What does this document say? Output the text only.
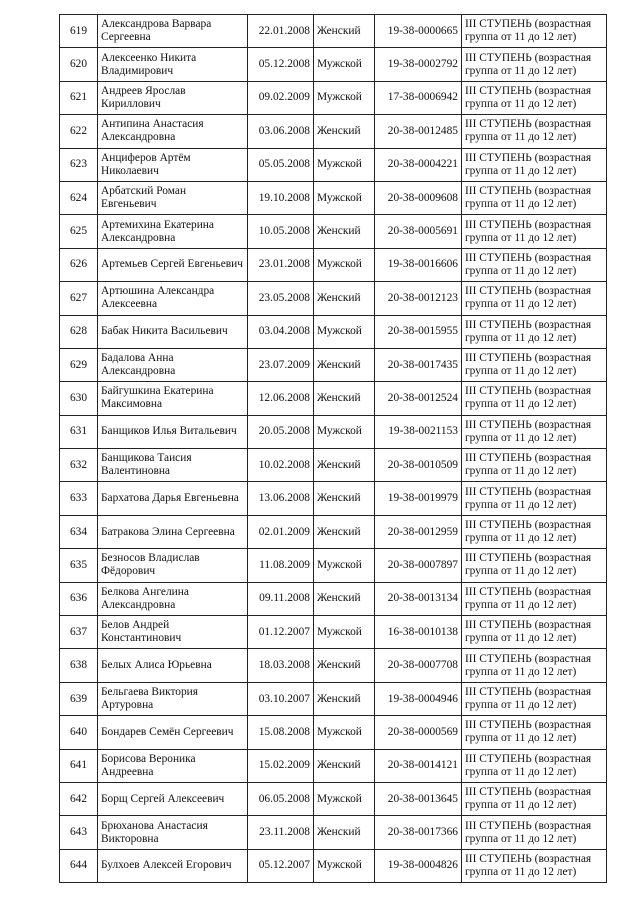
619	Александрова Варвара Сергеевна	22.01.2008	Женский	19-38-0000665	III СТУПЕНЬ (возрастная группа от 11 до 12 лет)
620	Алексеенко Никита Владимирович	05.12.2008	Мужской	19-38-0002792	III СТУПЕНЬ (возрастная группа от 11 до 12 лет)
621	Андреев Ярослав Кириллович	09.02.2009	Мужской	17-38-0006942	III СТУПЕНЬ (возрастная группа от 11 до 12 лет)
622	Антипина Анастасия Александровна	03.06.2008	Женский	20-38-0012485	III СТУПЕНЬ (возрастная группа от 11 до 12 лет)
623	Анциферов Артём Николаевич	05.05.2008	Мужской	20-38-0004221	III СТУПЕНЬ (возрастная группа от 11 до 12 лет)
624	Арбатский Роман Евгеньевич	19.10.2008	Мужской	20-38-0009608	III СТУПЕНЬ (возрастная группа от 11 до 12 лет)
625	Артемихина Екатерина Александровна	10.05.2008	Женский	20-38-0005691	III СТУПЕНЬ (возрастная группа от 11 до 12 лет)
626	Артемьев Сергей Евгеньевич	23.01.2008	Мужской	19-38-0016606	III СТУПЕНЬ (возрастная группа от 11 до 12 лет)
627	Артюшина Александра Алексеевна	23.05.2008	Женский	20-38-0012123	III СТУПЕНЬ (возрастная группа от 11 до 12 лет)
628	Бабак Никита Васильевич	03.04.2008	Мужской	20-38-0015955	III СТУПЕНЬ (возрастная группа от 11 до 12 лет)
629	Бадалова Анна Александровна	23.07.2009	Женский	20-38-0017435	III СТУПЕНЬ (возрастная группа от 11 до 12 лет)
630	Байгушкина Екатерина Максимовна	12.06.2008	Женский	20-38-0012524	III СТУПЕНЬ (возрастная группа от 11 до 12 лет)
631	Банщиков Илья Витальевич	20.05.2008	Мужской	19-38-0021153	III СТУПЕНЬ (возрастная группа от 11 до 12 лет)
632	Банщикова Таисия Валентиновна	10.02.2008	Женский	20-38-0010509	III СТУПЕНЬ (возрастная группа от 11 до 12 лет)
633	Бархатова Дарья Евгеньевна	13.06.2008	Женский	19-38-0019979	III СТУПЕНЬ (возрастная группа от 11 до 12 лет)
634	Батракова Элина Сергеевна	02.01.2009	Женский	20-38-0012959	III СТУПЕНЬ (возрастная группа от 11 до 12 лет)
635	Безносов Владислав Фёдорович	11.08.2009	Мужской	20-38-0007897	III СТУПЕНЬ (возрастная группа от 11 до 12 лет)
636	Белкова Ангелина Александровна	09.11.2008	Женский	20-38-0013134	III СТУПЕНЬ (возрастная группа от 11 до 12 лет)
637	Белов Андрей Константинович	01.12.2007	Мужской	16-38-0010138	III СТУПЕНЬ (возрастная группа от 11 до 12 лет)
638	Белых Алиса Юрьевна	18.03.2008	Женский	20-38-0007708	III СТУПЕНЬ (возрастная группа от 11 до 12 лет)
639	Бельгаева Виктория Артуровна	03.10.2007	Женский	19-38-0004946	III СТУПЕНЬ (возрастная группа от 11 до 12 лет)
640	Бондарев Семён Сергеевич	15.08.2008	Мужской	20-38-0000569	III СТУПЕНЬ (возрастная группа от 11 до 12 лет)
641	Борисова Вероника Андреевна	15.02.2009	Женский	20-38-0014121	III СТУПЕНЬ (возрастная группа от 11 до 12 лет)
642	Борщ Сергей Алексеевич	06.05.2008	Мужской	20-38-0013645	III СТУПЕНЬ (возрастная группа от 11 до 12 лет)
643	Брюханова Анастасия Викторовна	23.11.2008	Женский	20-38-0017366	III СТУПЕНЬ (возрастная группа от 11 до 12 лет)
644	Булхоев Алексей Егорович	05.12.2007	Мужской	19-38-0004826	III СТУПЕНЬ (возрастная группа от 11 до 12 лет)
